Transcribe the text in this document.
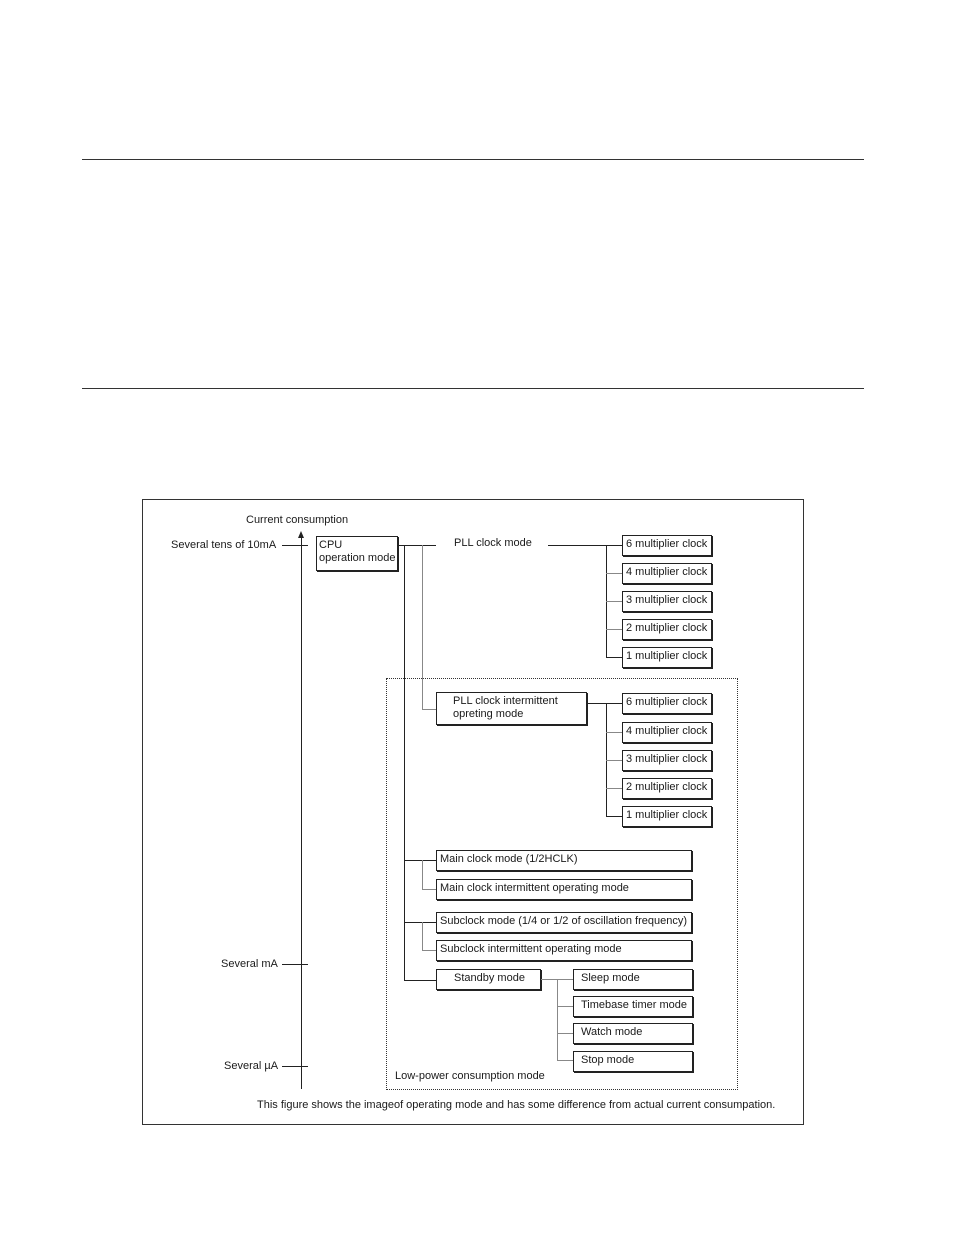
Current consumption
Several tens of 10mA
Several mA
Several µA
CPU
operation mode
PLL clock mode	6 multiplier clock
4 multiplier clock
3 multiplier clock
2 multiplier clock
1 multiplier clock
PLL clock intermittent
opreting mode
6 multiplier clock
4 multiplier clock
3 multiplier clock
2 multiplier clock
1 multiplier clock
Main clock mode (1/2HCLK)
Main clock intermittent operating mode
Subclock mode (1/4 or 1/2 of oscillation frequency)
Subclock intermittent operating mode
Standby mode	Sleep mode
Timebase timer mode
Watch mode
Stop mode
Low-power consumption mode
This figure shows the imageof operating mode and has some difference from actual current consumpation.
